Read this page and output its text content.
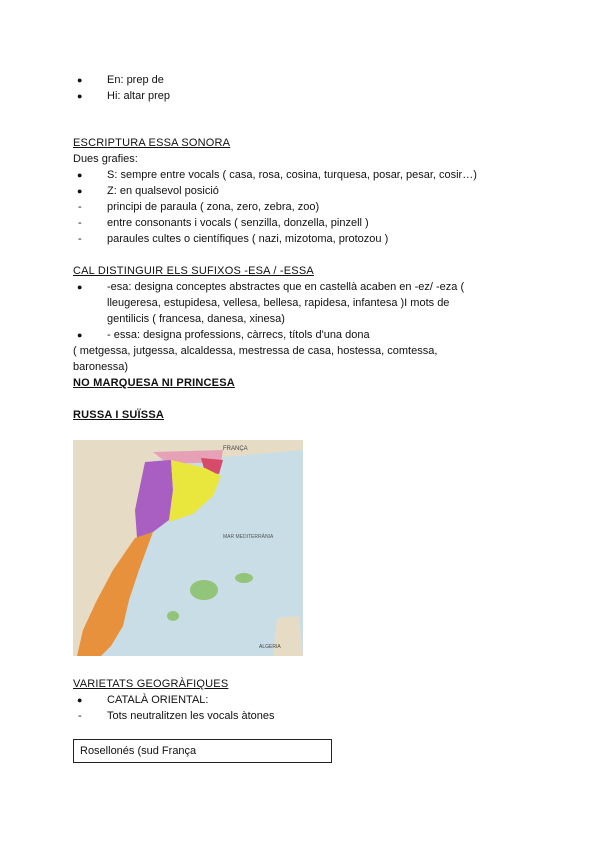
● En: prep de
● Hi: altar prep
ESCRIPTURA ESSA SONORA
Dues grafies:
● S: sempre entre vocals ( casa, rosa, cosina, turquesa, posar, pesar, cosir…)
● Z: en qualsevol posició
- principi de paraula ( zona, zero, zebra, zoo)
- entre consonants i vocals ( senzilla, donzella, pinzell )
- paraules cultes o científiques ( nazi, mizotoma, protozou )
CAL DISTINGUIR ELS SUFIXOS -ESA / -ESSA
● -esa: designa conceptes abstractes que en castellà acaben en -ez/ -eza (
lleugeresa, estupidesa, vellesa, bellesa, rapidesa, infantesa )I mots de
gentilicis ( francesa, danesa, xinesa)
● - essa: designa professions, càrrecs, títols d'una dona
( metgessa, jutgessa, alcaldessa, mestressa de casa, hostessa, comtessa,
baronessa)
NO MARQUESA NI PRINCESA
RUSSA I SUÏSSA
FRANÇA
MAR MEDITERRÀNIA
ALGERIA
VARIETATS GEOGRÀFIQUES
● CATALÀ ORIENTAL:
- Tots neutralitzen les vocals àtones
Rosellonés (sud França
